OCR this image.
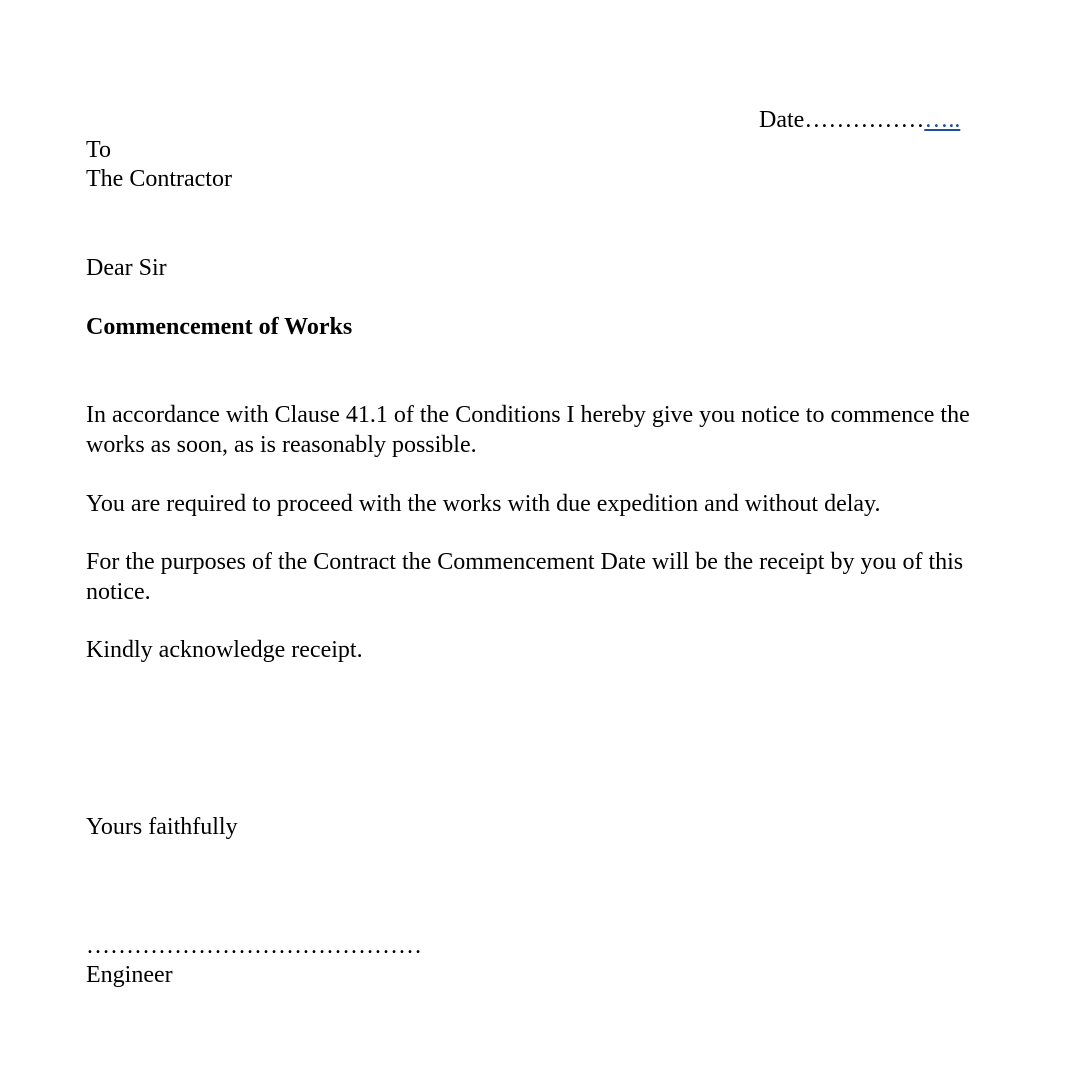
Date………………..
To
The Contractor
Dear Sir
Commencement of Works
In accordance with Clause 41.1 of the Conditions I hereby give you notice to commence the
works as soon, as is reasonably possible.
You are required to proceed with the works with due expedition and without delay.
For the purposes of the Contract the Commencement Date will be the receipt by you of this
notice.
Kindly acknowledge receipt.
Yours faithfully
……………………………………
Engineer
